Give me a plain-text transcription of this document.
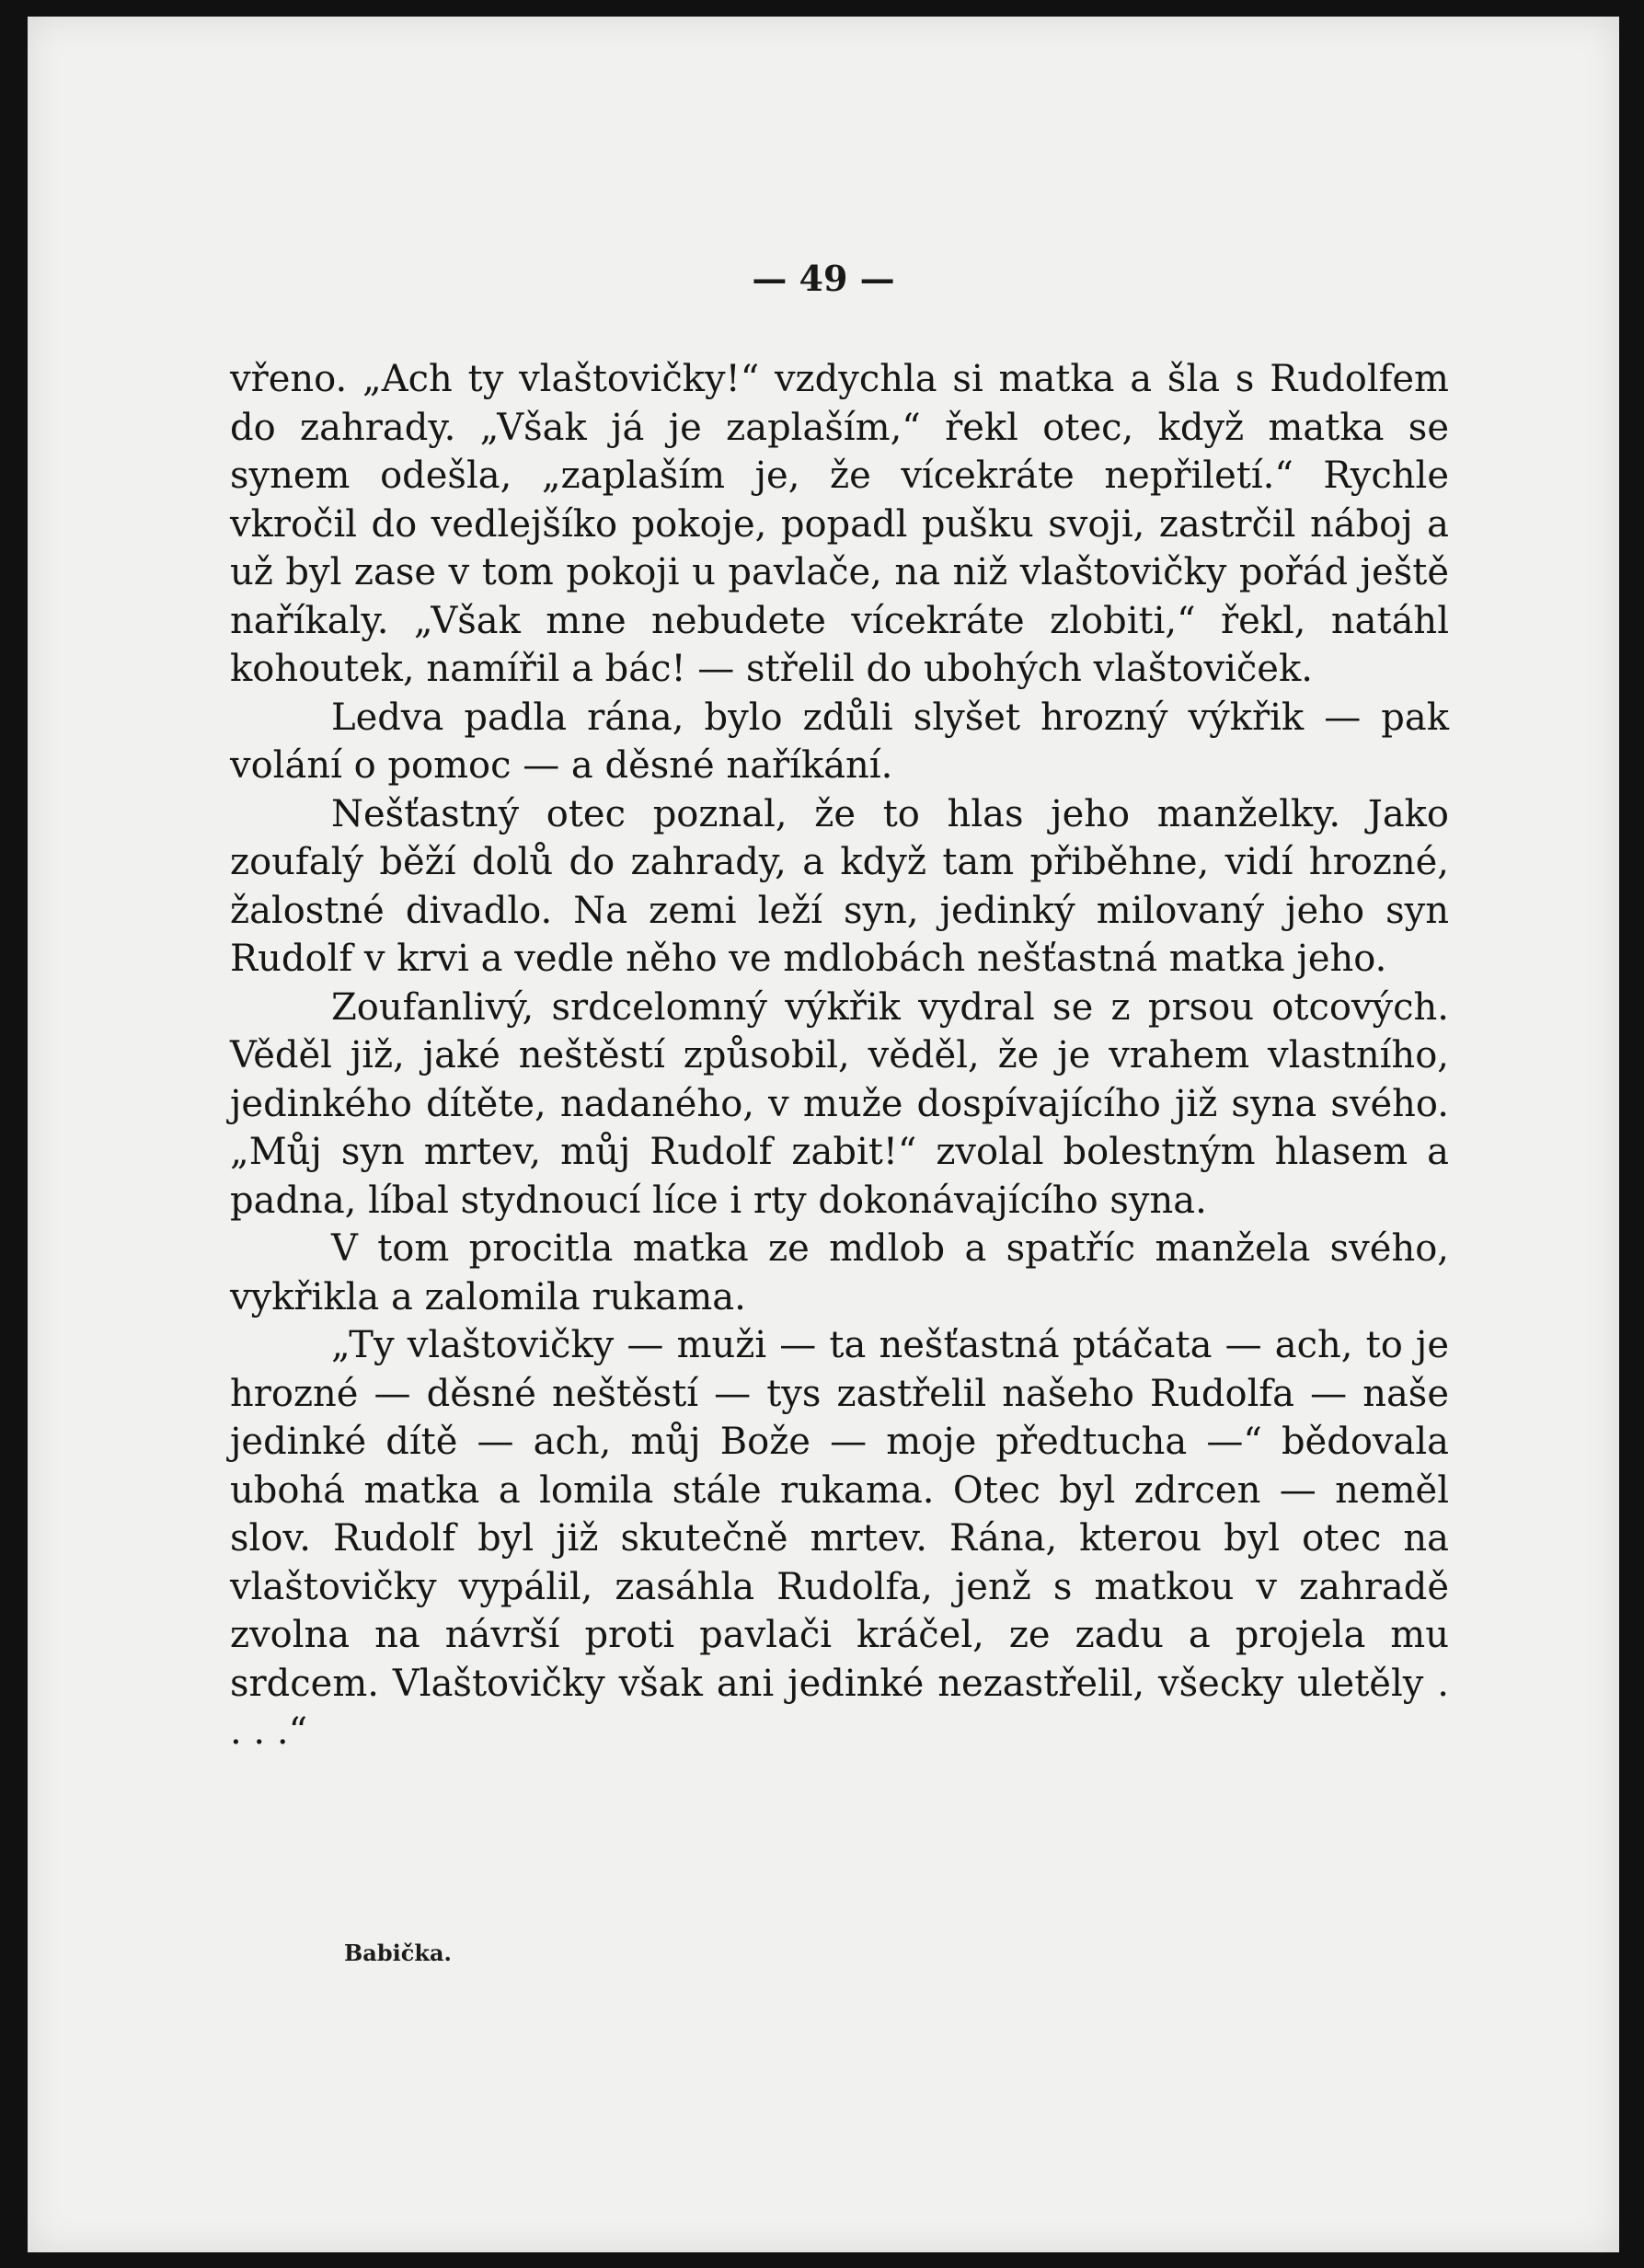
— 49 —

vřeno. „Ach ty vlaštovičky!“ vzdychla si matka a šla s Rudolfem do zahrady. „Však já je zaplaším,“ řekl otec, když matka se synem odešla, „zaplaším je, že vícekráte nepřiletí.“ Rychle vkročil do vedlejšíko pokoje, popadl pušku svoji, zastrčil náboj a už byl zase v tom pokoji u pavlače, na niž vlaštovičky pořád ještě naříkaly. „Však mne nebudete vícekráte zlobiti,“ řekl, natáhl kohoutek, namířil a bác! — střelil do ubohých vlaštoviček.

Ledva padla rána, bylo zdůli slyšet hrozný výkřik — pak volání o pomoc — a děsné naříkání.

Nešťastný otec poznal, že to hlas jeho manželky. Jako zoufalý běží dolů do zahrady, a když tam přiběhne, vidí hrozné, žalostné divadlo. Na zemi leží syn, jedinký milovaný jeho syn Rudolf v krvi a vedle něho ve mdlobách nešťastná matka jeho.

Zoufanlivý, srdcelomný výkřik vydral se z prsou otcových. Věděl již, jaké neštěstí způsobil, věděl, že je vrahem vlastního, jedinkého dítěte, nadaného, v muže dospívajícího již syna svého. „Můj syn mrtev, můj Rudolf zabit!“ zvolal bolestným hlasem a padna, líbal stydnoucí líce i rty dokonávajícího syna.

V tom procitla matka ze mdlob a spatříc manžela svého, vykřikla a zalomila rukama.

„Ty vlaštovičky — muži — ta nešťastná ptáčata — ach, to je hrozné — děsné neštěstí — tys zastřelil našeho Rudolfa — naše jedinké dítě — ach, můj Bože — moje předtucha —“ bědovala ubohá matka a lomila stále rukama. Otec byl zdrcen — neměl slov. Rudolf byl již skutečně mrtev. Rána, kterou byl otec na vlaštovičky vypálil, zasáhla Rudolfa, jenž s matkou v zahradě zvolna na návrší proti pavlači kráčel, ze zadu a projela mu srdcem. Vlaštovičky však ani jedinké nezastřelil, všecky uletěly . . . .“

Babička.
